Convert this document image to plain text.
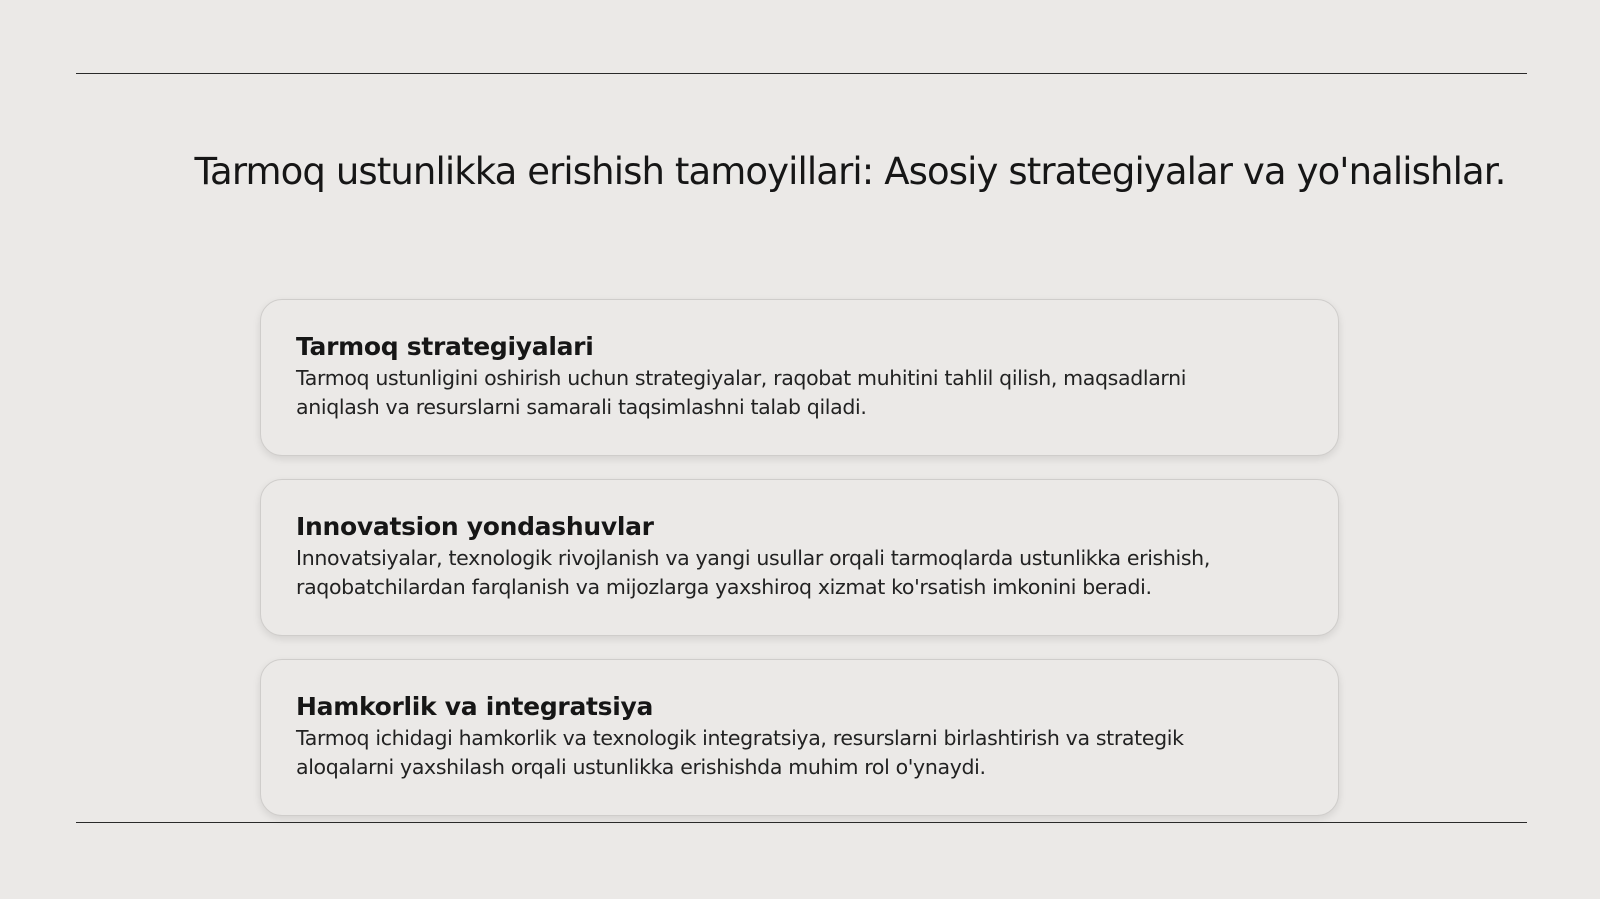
Tarmoq ustunlikka erishish tamoyillari: Asosiy strategiyalar va yo'nalishlar.

Tarmoq strategiyalari

Tarmoq ustunligini oshirish uchun strategiyalar, raqobat muhitini tahlil qilish, maqsadlarni
aniqlash va resurslarni samarali taqsimlashni talab qiladi.

Innovatsion yondashuvlar

Innovatsiyalar, texnologik rivojlanish va yangi usullar orqali tarmoqlarda ustunlikka erishish,
raqobatchilardan farqlanish va mijozlarga yaxshiroq xizmat ko'rsatish imkonini beradi.

Hamkorlik va integratsiya

Tarmoq ichidagi hamkorlik va texnologik integratsiya, resurslarni birlashtirish va strategik
aloqalarni yaxshilash orqali ustunlikka erishishda muhim rol o'ynaydi.
